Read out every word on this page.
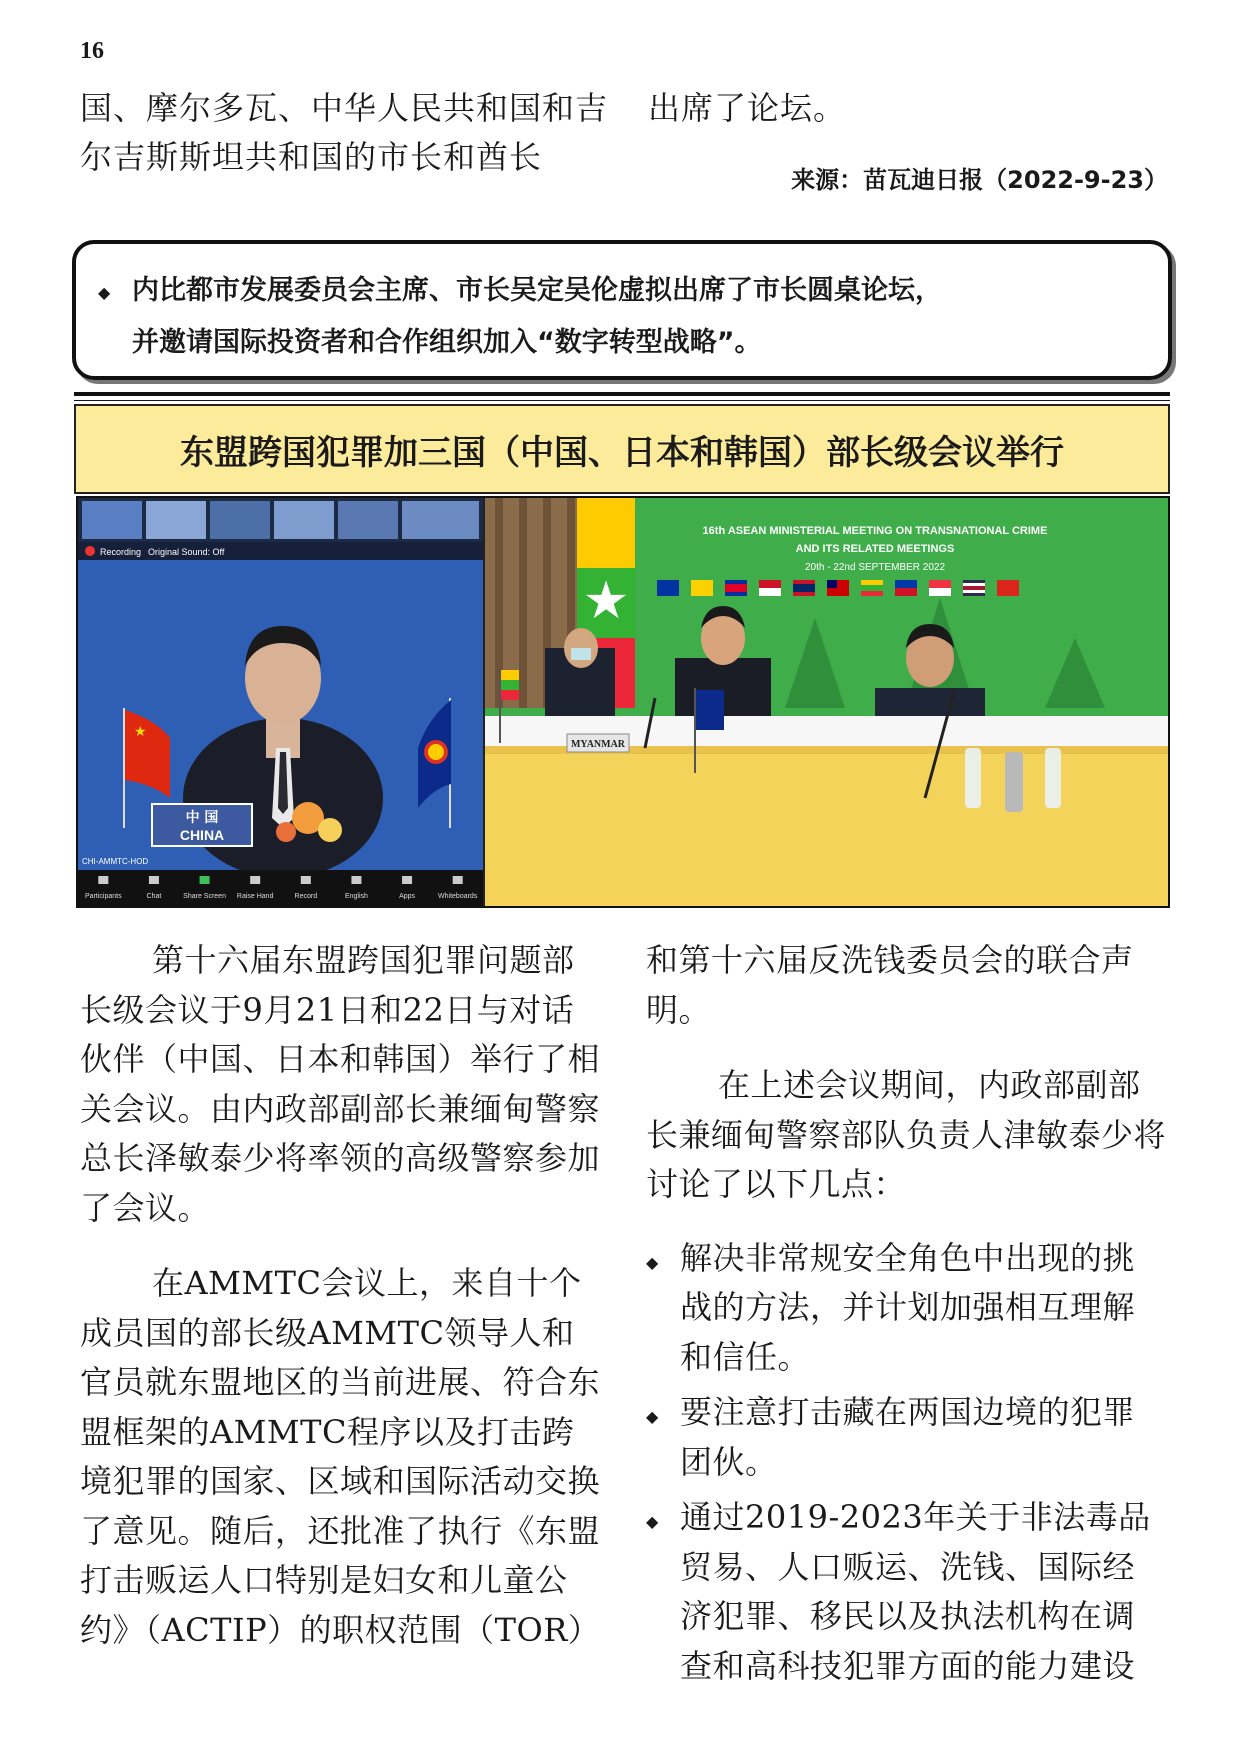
16
国、摩尔多瓦、中华人民共和国和吉尔吉斯斯坦共和国的市长和酋长
出席了论坛。
来源：苗瓦迪日报（2022-9-23）
◆ 内比都市发展委员会主席、市长吴定吴伦虚拟出席了市长圆桌论坛，
并邀请国际投资者和合作组织加入“数字转型战略”。
东盟跨国犯罪加三国（中国、日本和韩国）部长级会议举行
Recording Original Sound: Off
★
中 国
CHINA
CHI-AMMTC-HOD
Participants	Chat	Share Screen Raise Hand	Record	English	Apps	Whiteboards
★
16th ASEAN MINISTERIAL MEETING ON TRANSNATIONAL CRIME
AND ITS RELATED MEETINGS
20th - 22nd SEPTEMBER 2022
MYANMAR

第十六届东盟跨国犯罪问题部长级会议于9月21日和22日与对话伙伴（中国、日本和韩国）举行了相关会议。由内政部副部长兼缅甸警察总长泽敏泰少将率领的高级警察参加了会议。

在AMMTC会议上，来自十个成员国的部长级AMMTC领导人和官员就东盟地区的当前进展、符合东盟框架的AMMTC程序以及打击跨境犯罪的国家、区域和国际活动交换了意见。随后，还批准了执行《东盟打击贩运人口特别是妇女和儿童公约》（ACTIP）的职权范围（TOR）

和第十六届反洗钱委员会的联合声明。

在上述会议期间，内政部副部长兼缅甸警察部队负责人津敏泰少将讨论了以下几点：

◆ 解决非常规安全角色中出现的挑战的方法，并计划加强相互理解和信任。
◆ 要注意打击藏在两国边境的犯罪团伙。
◆ 通过2019-2023年关于非法毒品贸易、人口贩运、洗钱、国际经济犯罪、移民以及执法机构在调查和高科技犯罪方面的能力建设
